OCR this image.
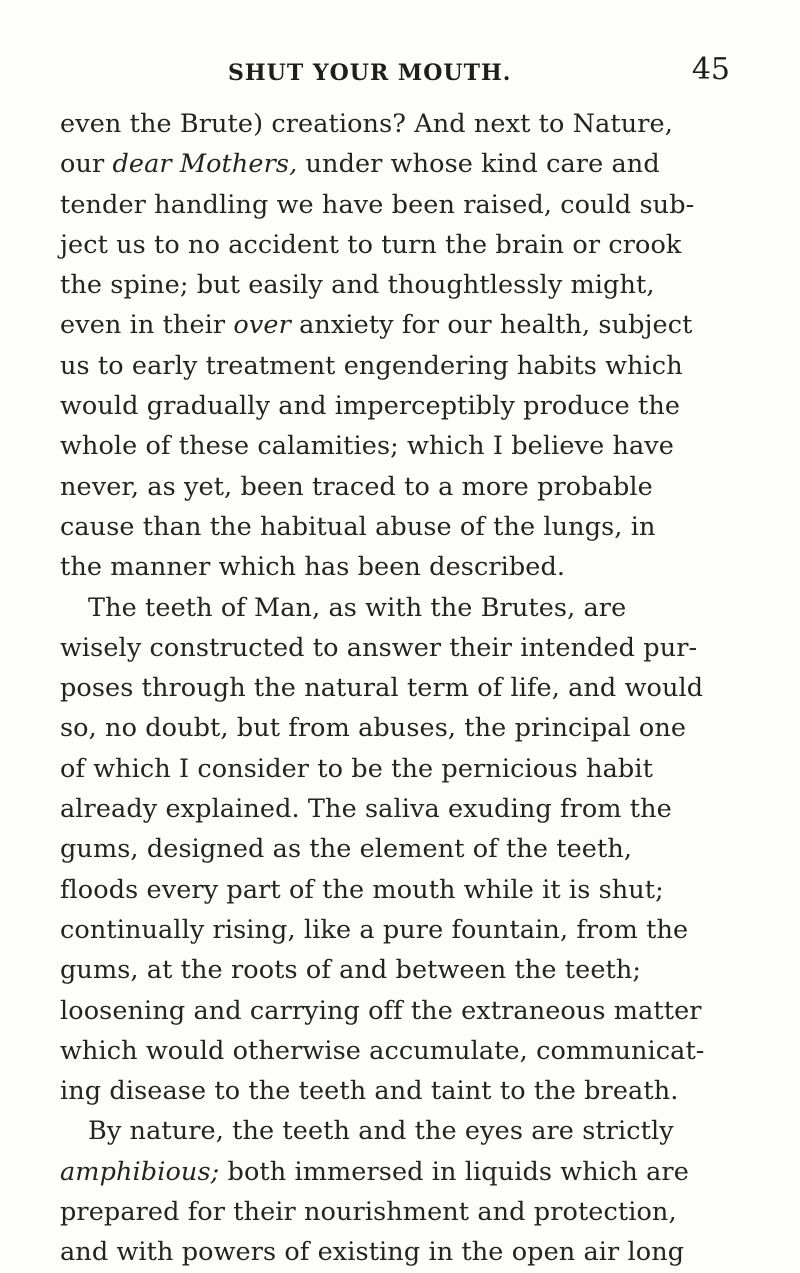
SHUT YOUR MOUTH.	45
even the Brute) creations? And next to Nature,
our dear Mothers, under whose kind care and
tender handling we have been raised, could sub-
ject us to no accident to turn the brain or crook
the spine; but easily and thoughtlessly might,
even in their over anxiety for our health, subject
us to early treatment engendering habits which
would gradually and imperceptibly produce the
whole of these calamities; which I believe have
never, as yet, been traced to a more probable
cause than the habitual abuse of the lungs, in
the manner which has been described.
The teeth of Man, as with the Brutes, are
wisely constructed to answer their intended pur-
poses through the natural term of life, and would
so, no doubt, but from abuses, the principal one
of which I consider to be the pernicious habit
already explained. The saliva exuding from the
gums, designed as the element of the teeth,
floods every part of the mouth while it is shut;
continually rising, like a pure fountain, from the
gums, at the roots of and between the teeth;
loosening and carrying off the extraneous matter
which would otherwise accumulate, communicat-
ing disease to the teeth and taint to the breath.
By nature, the teeth and the eyes are strictly
amphibious; both immersed in liquids which are
prepared for their nourishment and protection,
and with powers of existing in the open air long
